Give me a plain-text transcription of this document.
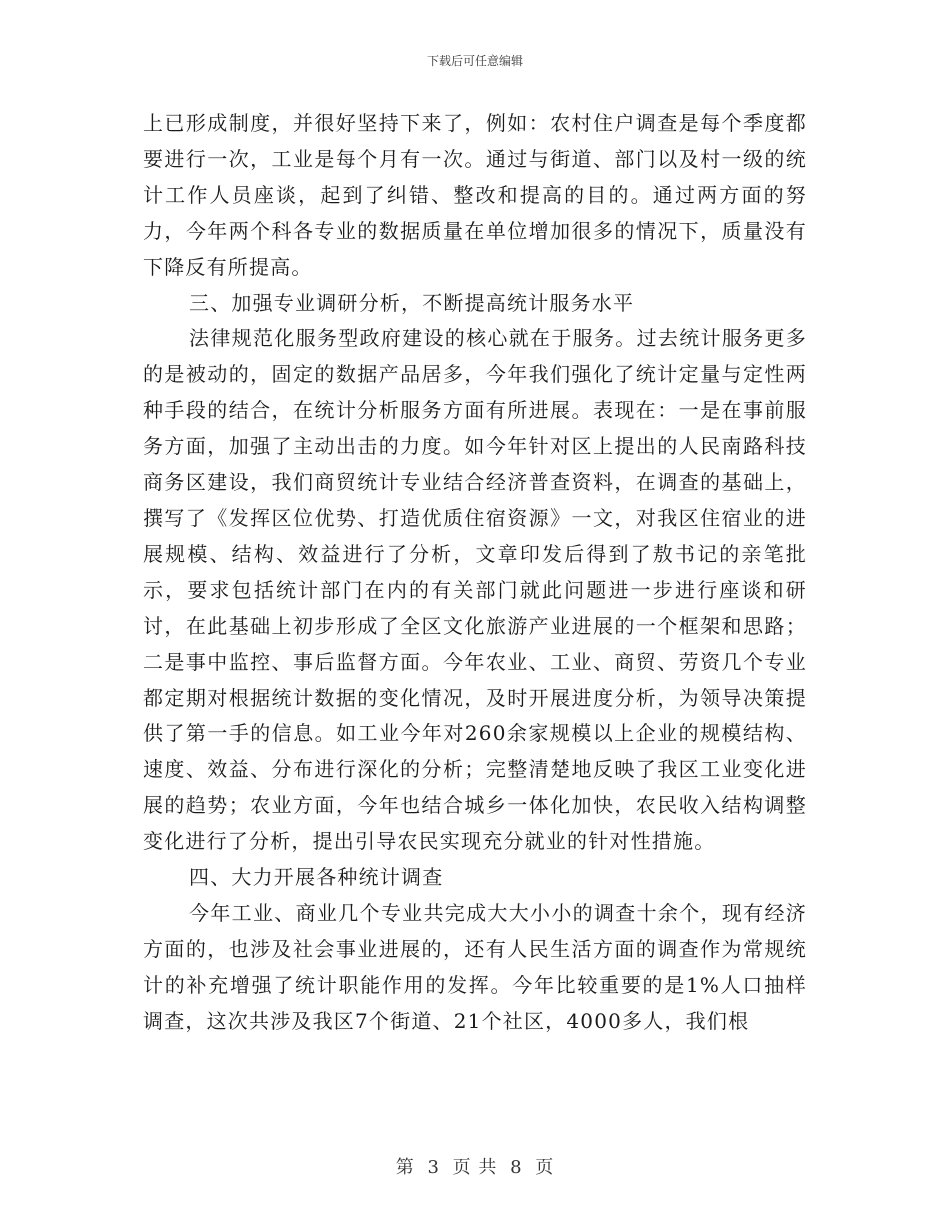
下载后可任意编辑

上已形成制度，并很好坚持下来了，例如：农村住户调查是每个季度都要进行一次，工业是每个月有一次。通过与街道、部门以及村一级的统计工作人员座谈，起到了纠错、整改和提高的目的。通过两方面的努力，今年两个科各专业的数据质量在单位增加很多的情况下，质量没有下降反有所提高。

三、加强专业调研分析，不断提高统计服务水平

法律规范化服务型政府建设的核心就在于服务。过去统计服务更多的是被动的，固定的数据产品居多，今年我们强化了统计定量与定性两种手段的结合，在统计分析服务方面有所进展。表现在：一是在事前服务方面，加强了主动出击的力度。如今年针对区上提出的人民南路科技商务区建设，我们商贸统计专业结合经济普查资料，在调查的基础上，撰写了《发挥区位优势、打造优质住宿资源》一文，对我区住宿业的进展规模、结构、效益进行了分析，文章印发后得到了敖书记的亲笔批示，要求包括统计部门在内的有关部门就此问题进一步进行座谈和研讨，在此基础上初步形成了全区文化旅游产业进展的一个框架和思路；二是事中监控、事后监督方面。今年农业、工业、商贸、劳资几个专业都定期对根据统计数据的变化情况，及时开展进度分析，为领导决策提供了第一手的信息。如工业今年对260余家规模以上企业的规模结构、速度、效益、分布进行深化的分析；完整清楚地反映了我区工业变化进展的趋势；农业方面，今年也结合城乡一体化加快，农民收入结构调整变化进行了分析，提出引导农民实现充分就业的针对性措施。

四、大力开展各种统计调查

今年工业、商业几个专业共完成大大小小的调查十余个，现有经济方面的，也涉及社会事业进展的，还有人民生活方面的调查作为常规统计的补充增强了统计职能作用的发挥。今年比较重要的是1%人口抽样调查，这次共涉及我区7个街道、21个社区，4000多人，我们根

第 3 页 共 8 页
